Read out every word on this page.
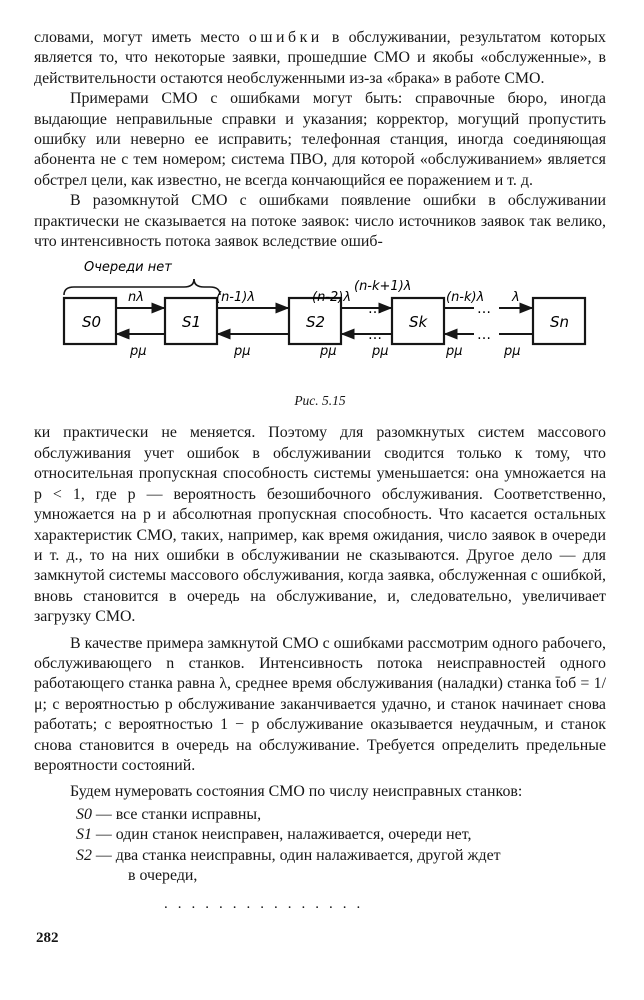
словами, могут иметь место ошибки в обслуживании, результатом которых является то, что некоторые заявки, прошедшие СМО и якобы «обслуженные», в действительности остаются необслуженными из-за «брака» в работе СМО.

Примерами СМО с ошибками могут быть: справочные бюро, иногда выдающие неправильные справки и указания; корректор, могущий пропустить ошибку или неверно ее исправить; телефонная станция, иногда соединяющая абонента не с тем номером; система ПВО, для которой «обслуживанием» является обстрел цели, как известно, не всегда кончающийся ее поражением и т. д.

В разомкнутой СМО с ошибками появление ошибки в обслуживании практически не сказывается на потоке заявок: число источников заявок так велико, что интенсивность потока заявок вследствие ошиб-

Очереди нет
S0	S1	S2	Sk	Sn
…
…
…
…
nλ	(n-1)λ	(n-2)λ
(n-k+1)λ
(n-k)λ λ
pμ	pμ	pμ	pμ	pμ
pμ

Рис. 5.15

ки практически не меняется. Поэтому для разомкнутых систем массового обслуживания учет ошибок в обслуживании сводится только к тому, что относительная пропускная способность системы уменьшается: она умножается на p < 1, где p — вероятность безошибочного обслуживания. Соответственно, умножается на p и абсолютная пропускная способность. Что касается остальных характеристик СМО, таких, например, как время ожидания, число заявок в очереди и т. д., то на них ошибки в обслуживании не сказываются. Другое дело — для замкнутой системы массового обслуживания, когда заявка, обслуженная с ошибкой, вновь становится в очередь на обслуживание, и, следовательно, увеличивает загрузку СМО.

В качестве примера замкнутой СМО с ошибками рассмотрим одного рабочего, обслуживающего n станков. Интенсивность потока неисправностей одного работающего станка равна λ, среднее время обслуживания (наладки) станка t̄об = 1/μ; с вероятностью p обслуживание заканчивается удачно, и станок начинает снова работать; с вероятностью 1 − p обслуживание оказывается неудачным, и станок снова становится в очередь на обслуживание. Требуется определить предельные вероятности состояний.

Будем нумеровать состояния СМО по числу неисправных станков:

S0 — все станки исправны,
S1 — один станок неисправен, налаживается, очереди нет,
S2 — два станка неисправны, один налаживается, другой ждет
в очереди,
...............
282
